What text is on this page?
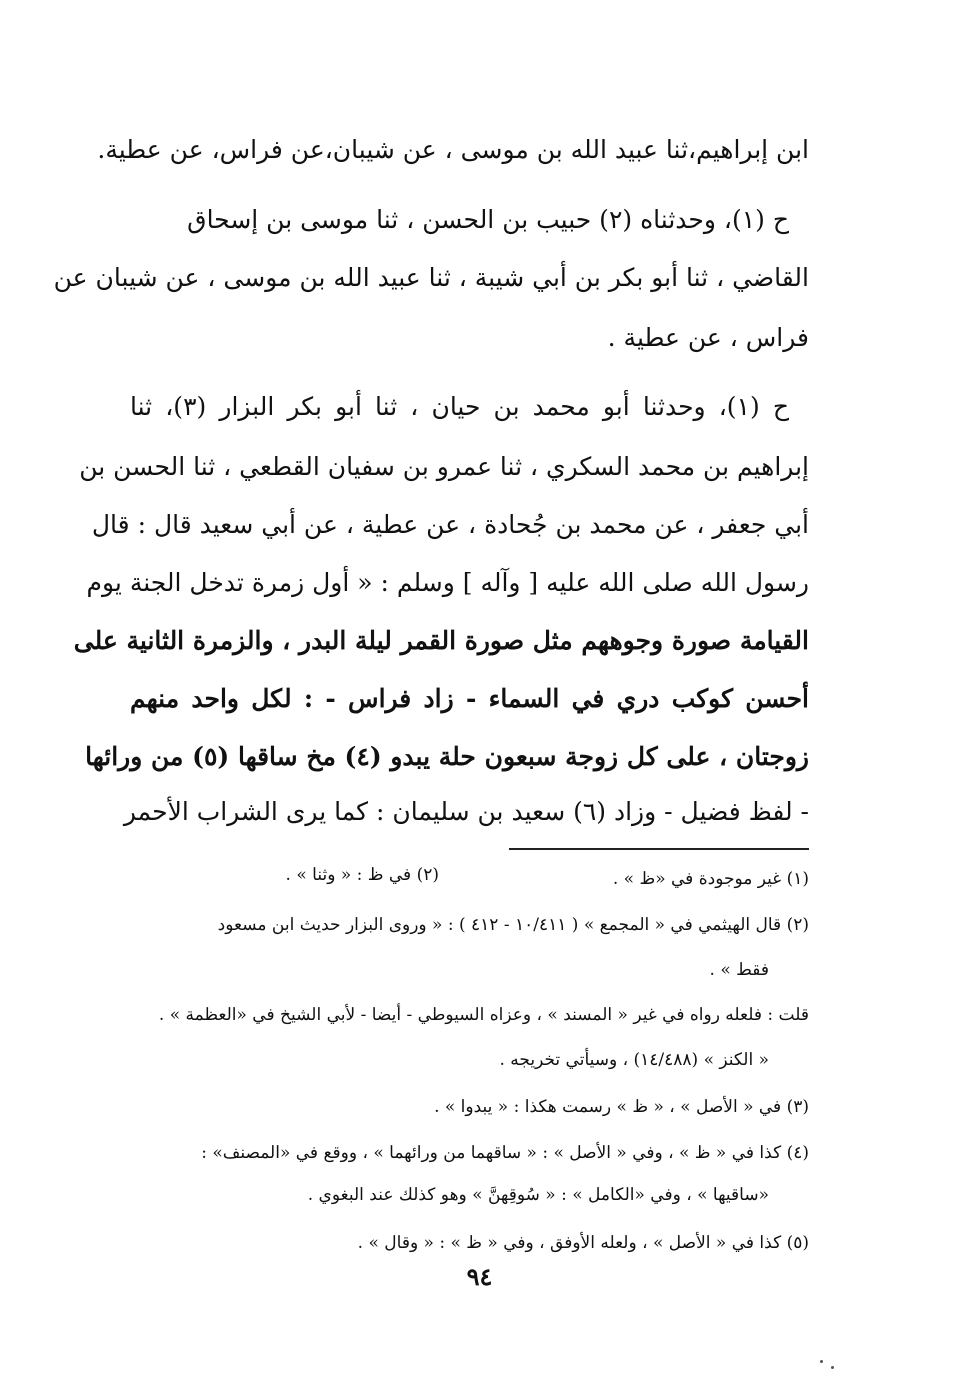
ابن إبراهيم،ثنا عبيد الله بن موسى ، عن شيبان،عن فراس، عن عطية.
ح (١)، وحدثناه (٢) حبيب بن الحسن ، ثنا موسى بن إسحاق
القاضي ، ثنا أبو بكر بن أبي شيبة ، ثنا عبيد الله بن موسى ، عن شيبان عن
فراس ، عن عطية .
ح (١)، وحدثنا أبو محمد بن حيان ، ثنا أبو بكر البزار (٣)، ثنا
إبراهيم بن محمد السكري ، ثنا عمرو بن سفيان القطعي ، ثنا الحسن بن
أبي جعفر ، عن محمد بن جُحادة ، عن عطية ، عن أبي سعيد قال : قال
رسول الله صلى الله عليه [ وآله ] وسلم : « أول زمرة تدخل الجنة يوم
القيامة صورة وجوههم مثل صورة القمر ليلة البدر ، والزمرة الثانية على
أحسن كوكب دري في السماء - زاد فراس - : لكل واحد منهم
زوجتان ، على كل زوجة سبعون حلة يبدو (٤) مخ ساقها (٥) من ورائها
- لفظ فضيل - وزاد (٦) سعيد بن سليمان : كما يرى الشراب الأحمر
(١) غير موجودة في «ظ » .
(٢) في ظ : « وثنا » .
(٢) قال الهيثمي في « المجمع » ( ١٠/٤١١ - ٤١٢ ) : « وروى البزار حديث ابن مسعود
فقط » .
قلت : فلعله رواه في غير « المسند » ، وعزاه السيوطي - أيضا - لأبي الشيخ في «العظمة » .
« الكنز » (١٤/٤٨٨) ، وسيأتي تخريجه .
(٣) في « الأصل » ، « ظ » رسمت هكذا : « يبدوا » .
(٤) كذا في « ظ » ، وفي « الأصل » : « ساقهما من ورائهما » ، ووقع في «المصنف» :
«ساقيها » ، وفي «الكامل » : « سُوقِهنَّ » وهو كذلك عند البغوي .
(٥) كذا في « الأصل » ، ولعله الأوفق ، وفي « ظ » : « وقال » .
٩٤
